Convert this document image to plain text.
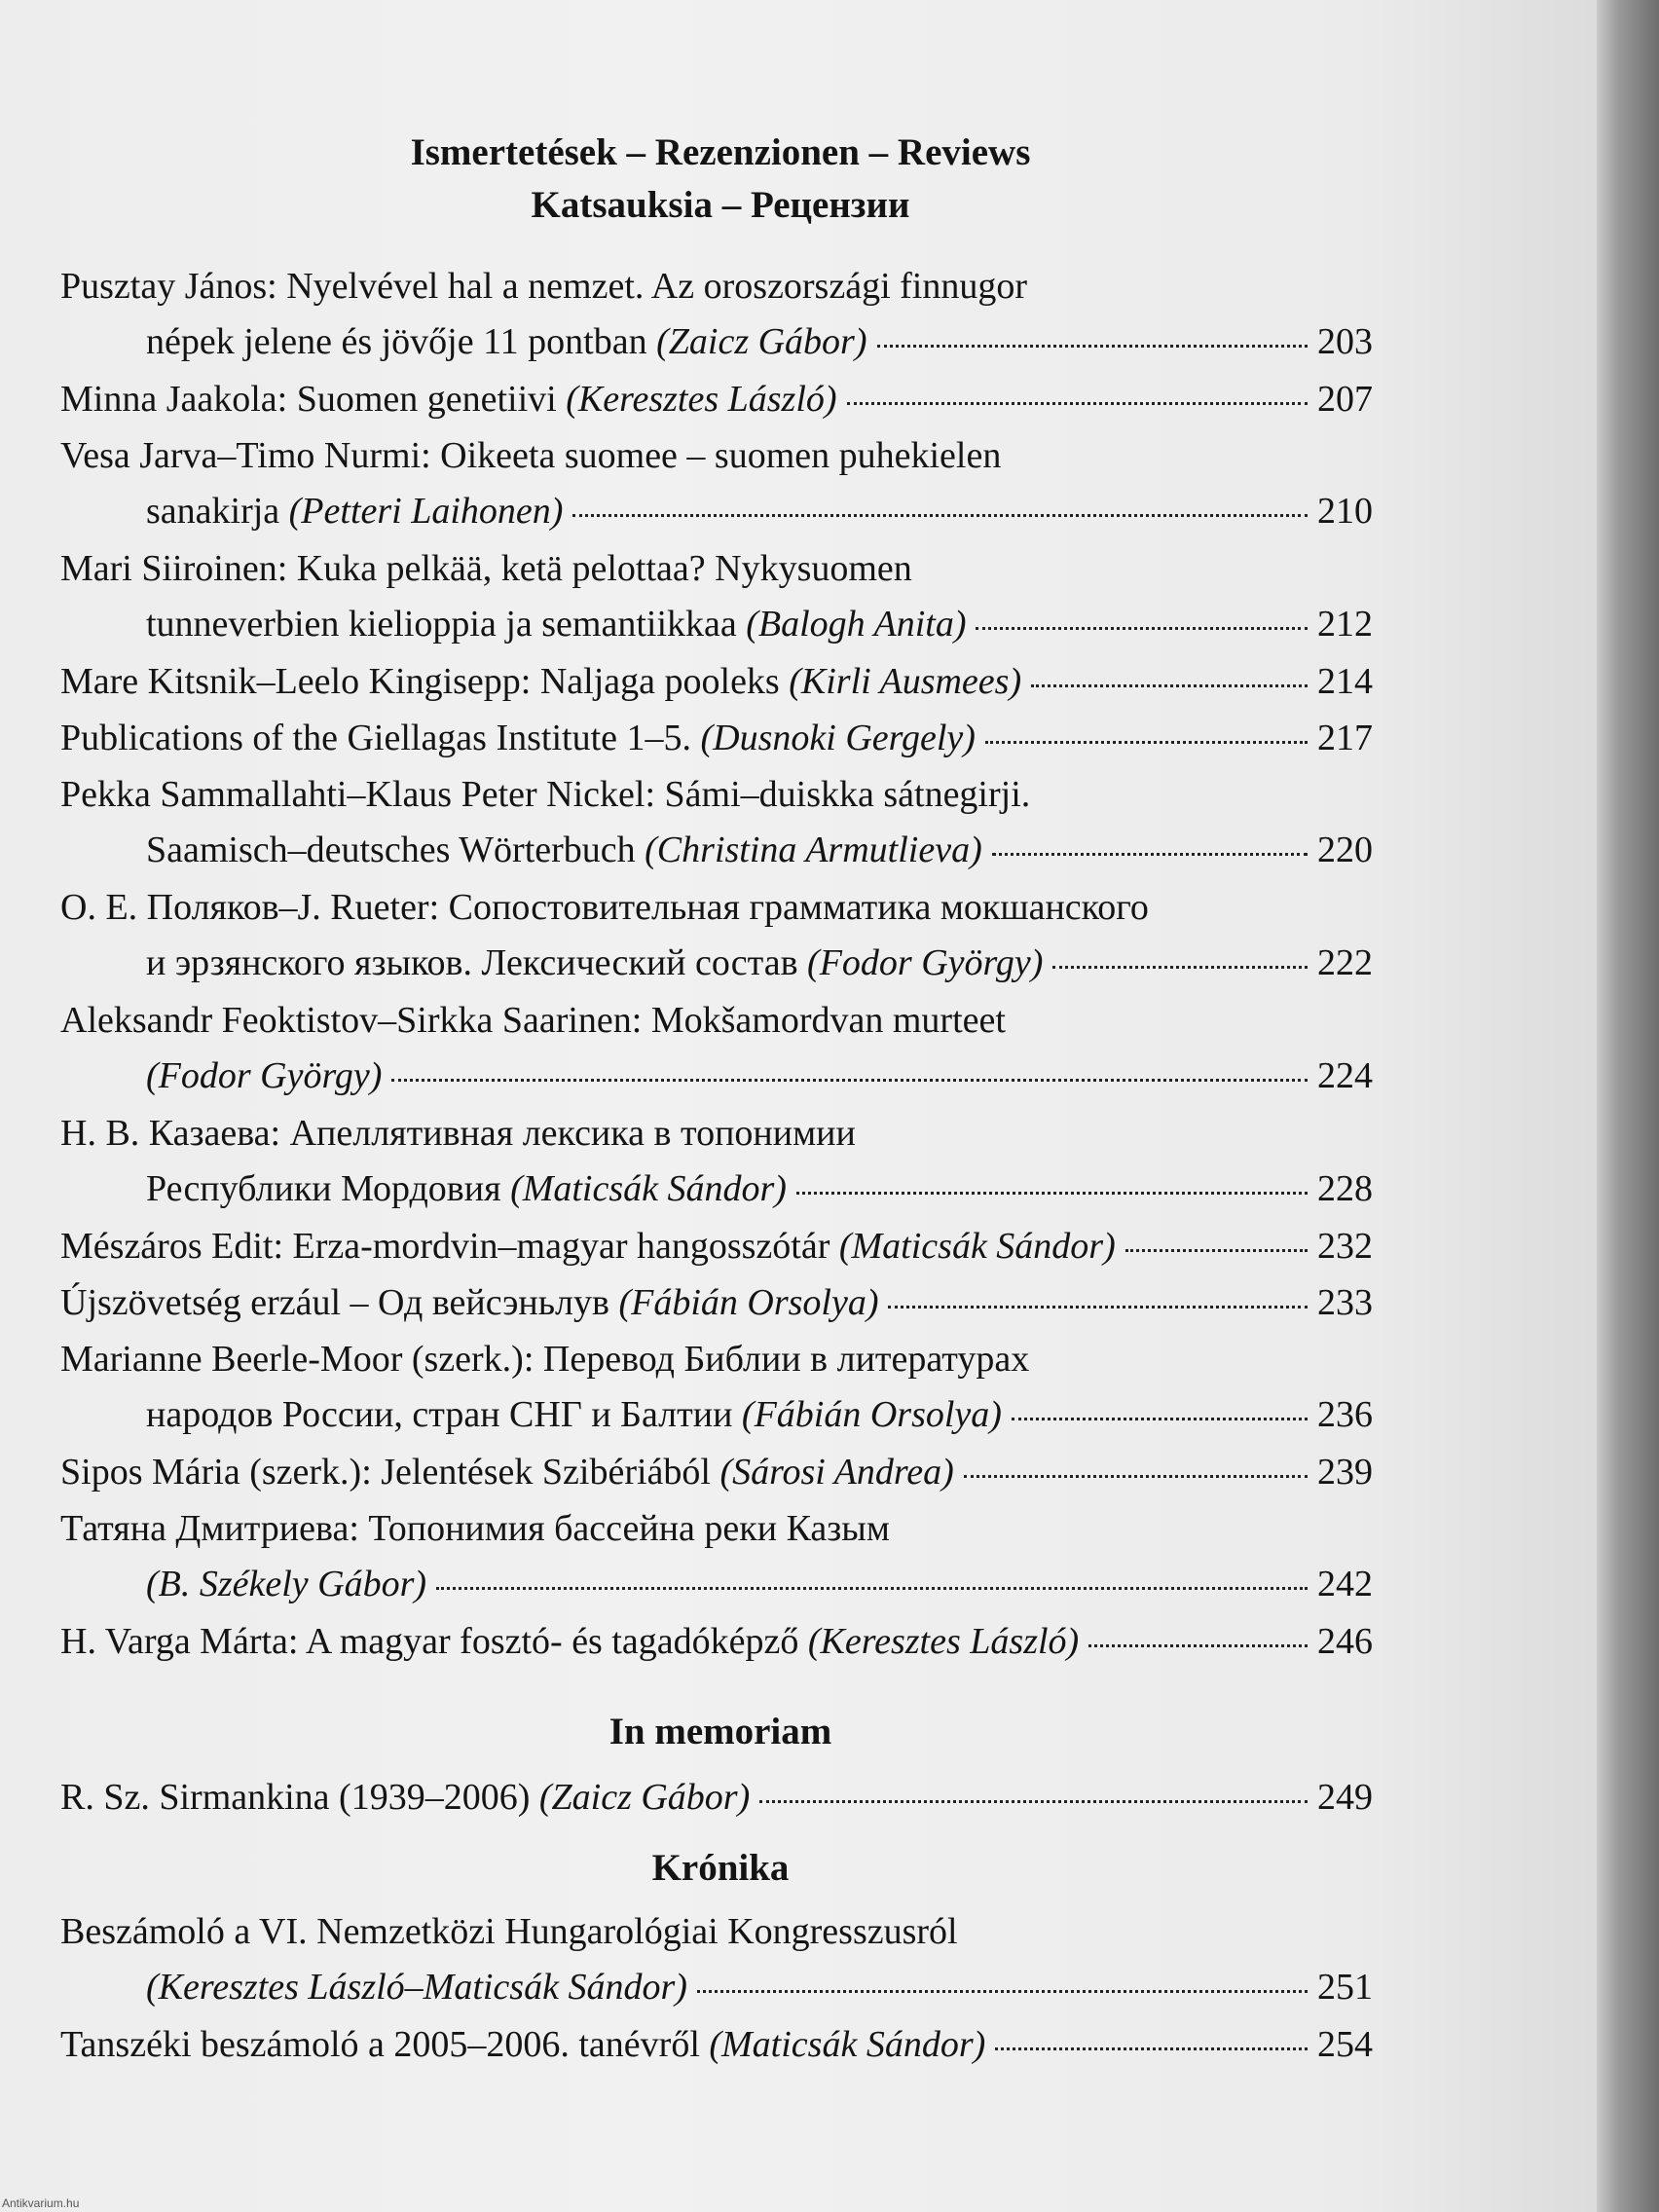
Ismertetések – Rezenzionen – Reviews
Katsauksia – Рецензии
Pusztay János: Nyelvével hal a nemzet. Az oroszországi finnugor
népek jelene és jövője 11 pontban (Zaicz Gábor)	203
Minna Jaakola: Suomen genetiivi (Keresztes László)	207
Vesa Jarva–Timo Nurmi: Oikeeta suomee – suomen puhekielen
sanakirja (Petteri Laihonen)	210
Mari Siiroinen: Kuka pelkää, ketä pelottaa? Nykysuomen
tunneverbien kielioppia ja semantiikkaa (Balogh Anita)	212
Mare Kitsnik–Leelo Kingisepp: Naljaga pooleks (Kirli Ausmees)	214
Publications of the Giellagas Institute 1–5. (Dusnoki Gergely)	217
Pekka Sammallahti–Klaus Peter Nickel: Sámi–duiskka sátnegirji.
Saamisch–deutsches Wörterbuch (Christina Armutlieva)	220
О. Е. Поляков–J. Rueter: Сопостовительная грамматика мокшанского
и эрзянского языков. Лексический состав (Fodor György)	222
Aleksandr Feoktistov–Sirkka Saarinen: Mokšamordvan murteet
(Fodor György)	224
Н. В. Казаева: Апеллятивная лексика в топонимии
Республики Мордовия (Maticsák Sándor)	228
Mészáros Edit: Erza-mordvin–magyar hangosszótár (Maticsák Sándor)	232
Újszövetség erzául – Од вейсэньлув (Fábián Orsolya)	233
Marianne Beerle-Moor (szerk.): Перевод Библии в литературах
народов России, стран СНГ и Балтии (Fábián Orsolya)	236
Sipos Mária (szerk.): Jelentések Szibériából (Sárosi Andrea)	239
Татяна Дмитриева: Топонимия бассейна реки Казым
(B. Székely Gábor)	242
H. Varga Márta: A magyar fosztó- és tagadóképző (Keresztes László)	246
In memoriam
R. Sz. Sirmankina (1939–2006) (Zaicz Gábor)	249
Krónika
Beszámoló a VI. Nemzetközi Hungarológiai Kongresszusról
(Keresztes László–Maticsák Sándor)	251
Tanszéki beszámoló a 2005–2006. tanévről (Maticsák Sándor)	254
Antikvarium.hu
